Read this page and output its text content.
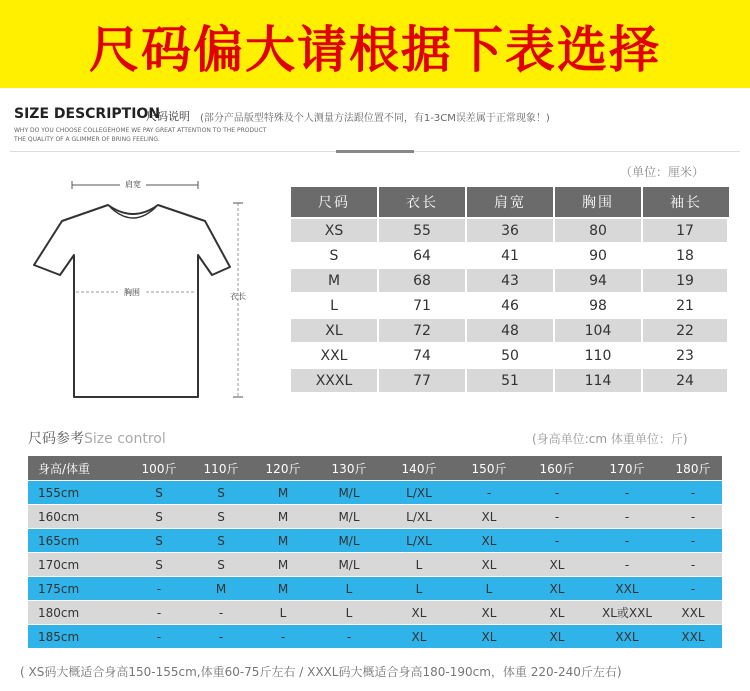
尺码偏大请根据下表选择
SIZE DESCRIPTION
尺码说明 (部分产品版型特殊及个人测量方法跟位置不同，有1-3CM误差属于正常现象！)
WHY DO YOU CHOOSE COLLEGEHOME WE PAY GREAT ATTENTION TO THE PRODUCT
THE QUALITY OF A GLIMMER OF BRING FEELING.
（单位：厘米）
肩宽
胸围	衣长
尺码	衣长	肩宽	胸围	袖长
XS	55	36	80	17
S	64	41	90	18
M	68	43	94	19
L	71	46	98	21
XL	72	48	104	22
XXL	74	50	110	23
XXXL	77	51	114	24
尺码参考Size control	(身高单位:cm 体重单位：斤)
身高/体重	100斤	110斤	120斤	130斤	140斤	150斤	160斤	170斤	180斤
155cm	S	S	M	M/L	L/XL	-	-	-	-
160cm	S	S	M	M/L	L/XL	XL	-	-	-
165cm	S	S	M	M/L	L/XL	XL	-	-	-
170cm	S	S	M	M/L	L	XL	XL	-	-
175cm	-	M	M	L	L	L	XL	XXL	-
180cm	-	-	L	L	XL	XL	XL	XL或XXL	XXL
185cm	-	-	-	-	XL	XL	XL	XXL	XXL
( XS码大概适合身高150-155cm,体重60-75斤左右 / XXXL码大概适合身高180-190cm，体重 220-240斤左右)
